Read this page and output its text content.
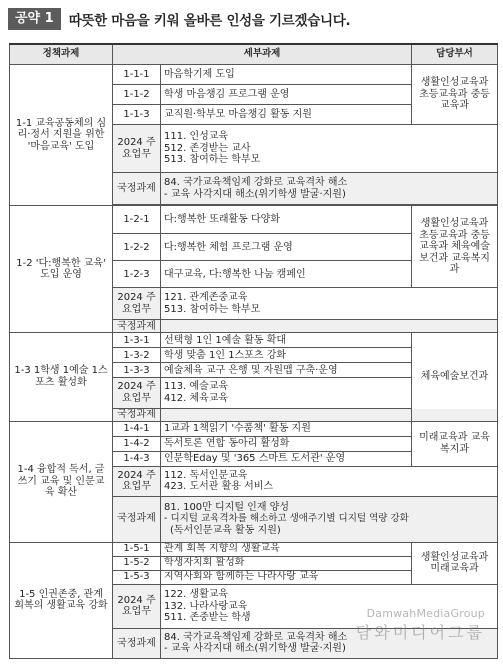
공약 1	따뜻한 마음을 키워 올바른 인성을 기르겠습니다.
정책과제	세부과제		담당부서
1-1 교육공동체의 심리·정서 지원을 위한 '마음교육' 도입	1-1-1	마음학기제 도입	생활인성교육과 초등교육과 중등교육과
	1-1-2	학생 마음챙김 프로그램 운영	
	1-1-3	교직원·학부모 마음챙김 활동 지원	
	2024 주요업무	111. 인성교육
512. 존경받는 교사
513. 참여하는 학부모	

	국정과제	84. 국가교육책임제 강화로 교육격차 해소
- 교육 사각지대 해소(위기학생 발굴·지원)	

1-2 '다:행복한 교육' 도입 운영	1-2-1	다:행복한 또래활동 다양화	생활인성교육과 초등교육과 중등교육과 체육예술보건과 교육복지과
	1-2-2	다:행복한 체험 프로그램 운영	
	1-2-3	대구교육, 다:행복한 나눔 캠페인	
	2024 주요업무	121. 관계존중교육
513. 참여하는 학부모	

	국정과제		
1-3 1학생 1예술 1스포츠 활성화	1-3-1	선택형 1인 1예술 활동 확대	체육예술보건과
	1-3-2	학생 맞춤 1인 1스포츠 강화	
	1-3-3	예술체육 교구 은행 및 자원맵 구축·운영	
	2024 주요업무	113. 예술교육
412. 체육교육	

	국정과제		
1-4 융합적 독서, 글쓰기 교육 및 인문교육 확산	1-4-1	1교과 1책읽기 '수품책' 활동 지원	미래교육과 교육복지과
	1-4-2	독서토론 연합 동아리 활성화	
	1-4-3	인문학Eday 및 '365 스마트 도서관' 운영	
	2024 주요업무	112. 독서인문교육
423. 도서관 활용 서비스	

	국정과제	81. 100만 디지털 인재 양성
- 디지털 교육격차를 해소하고 생애주기별 디지털 역량 강화
(독서인문교육 활동 지원)	

1-5 인권존중, 관계 회복의 생활교육 강화	1-5-1	관계 회복 지향의 생활교육	생활인성교육과 미래교육과
	1-5-2	학생자치회 활성화	
	1-5-3	지역사회와 함께하는 나라사랑 교육	
	2024 주요업무	122. 생활교육
132. 나라사랑교육
511. 존중받는 학생	

	국정과제	84. 국가교육책임제 강화로 교육격차 해소
- 교육 사각지대 해소(위기학생 발굴·지원)	
DamwahMediaGroup
담와미디어그룹
